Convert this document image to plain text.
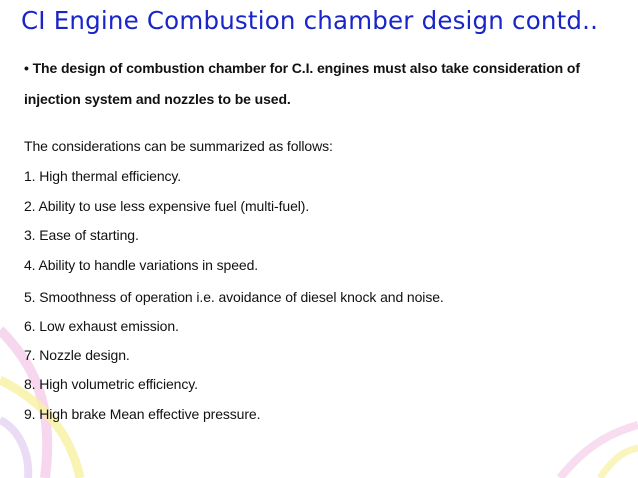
CI Engine Combustion chamber design contd..

• The design of combustion chamber for C.I. engines must also take consideration of

injection system and nozzles to be used.

The considerations can be summarized as follows:

1. High thermal efficiency.

2. Ability to use less expensive fuel (multi-fuel).

3. Ease of starting.

4. Ability to handle variations in speed.

5. Smoothness of operation i.e. avoidance of diesel knock and noise.

6. Low exhaust emission.

7. Nozzle design.

8. High volumetric efficiency.

9. High brake Mean effective pressure.
